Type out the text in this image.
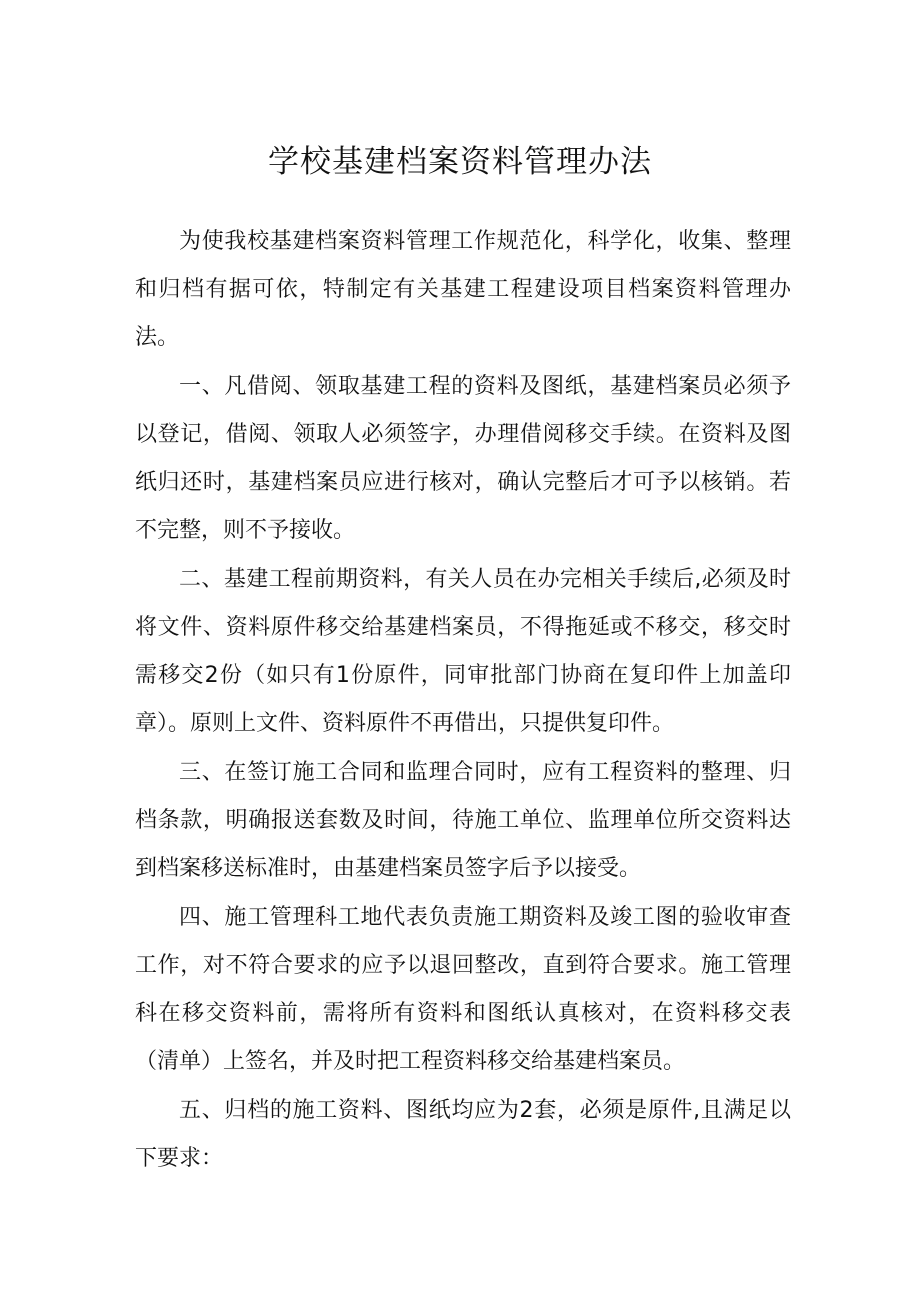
学校基建档案资料管理办法

为使我校基建档案资料管理工作规范化，科学化，收集、整理和归档有据可依，特制定有关基建工程建设项目档案资料管理办法。

一、凡借阅、领取基建工程的资料及图纸，基建档案员必须予以登记，借阅、领取人必须签字，办理借阅移交手续。在资料及图纸归还时，基建档案员应进行核对，确认完整后才可予以核销。若不完整，则不予接收。

二、基建工程前期资料，有关人员在办完相关手续后,必须及时将文件、资料原件移交给基建档案员，不得拖延或不移交，移交时需移交2份（如只有1份原件，同审批部门协商在复印件上加盖印章）。原则上文件、资料原件不再借出，只提供复印件。

三、在签订施工合同和监理合同时，应有工程资料的整理、归档条款，明确报送套数及时间，待施工单位、监理单位所交资料达到档案移送标准时，由基建档案员签字后予以接受。

四、施工管理科工地代表负责施工期资料及竣工图的验收审查工作，对不符合要求的应予以退回整改，直到符合要求。施工管理科在移交资料前，需将所有资料和图纸认真核对，在资料移交表（清单）上签名，并及时把工程资料移交给基建档案员。

五、归档的施工资料、图纸均应为2套，必须是原件,且满足以下要求：
